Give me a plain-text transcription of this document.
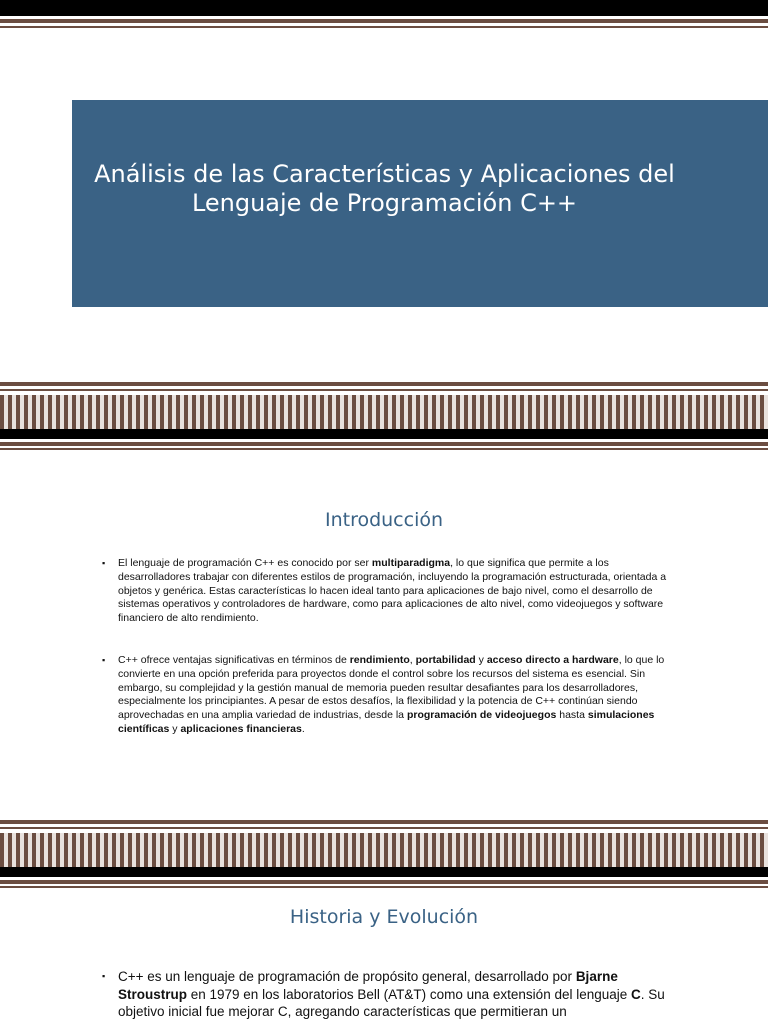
Análisis de las Características y Aplicaciones del
Lenguaje de Programación C++
Introducción
▪ El lenguaje de programación C++ es conocido por ser multiparadigma, lo que significa que permite a los desarrolladores trabajar con diferentes estilos de programación, incluyendo la programación estructurada, orientada a objetos y genérica. Estas características lo hacen ideal tanto para aplicaciones de bajo nivel, como el desarrollo de sistemas operativos y controladores de hardware, como para aplicaciones de alto nivel, como videojuegos y software financiero de alto rendimiento.
▪ C++ ofrece ventajas significativas en términos de rendimiento, portabilidad y acceso directo a hardware, lo que lo convierte en una opción preferida para proyectos donde el control sobre los recursos del sistema es esencial. Sin embargo, su complejidad y la gestión manual de memoria pueden resultar desafiantes para los desarrolladores, especialmente los principiantes. A pesar de estos desafíos, la flexibilidad y la potencia de C++ continúan siendo aprovechadas en una amplia variedad de industrias, desde la programación de videojuegos hasta simulaciones científicas y aplicaciones financieras.
Historia y Evolución
▪ C++ es un lenguaje de programación de propósito general, desarrollado por Bjarne Stroustrup en 1979 en los laboratorios Bell (AT&T) como una extensión del lenguaje C. Su objetivo inicial fue mejorar C, agregando características que permitieran un
